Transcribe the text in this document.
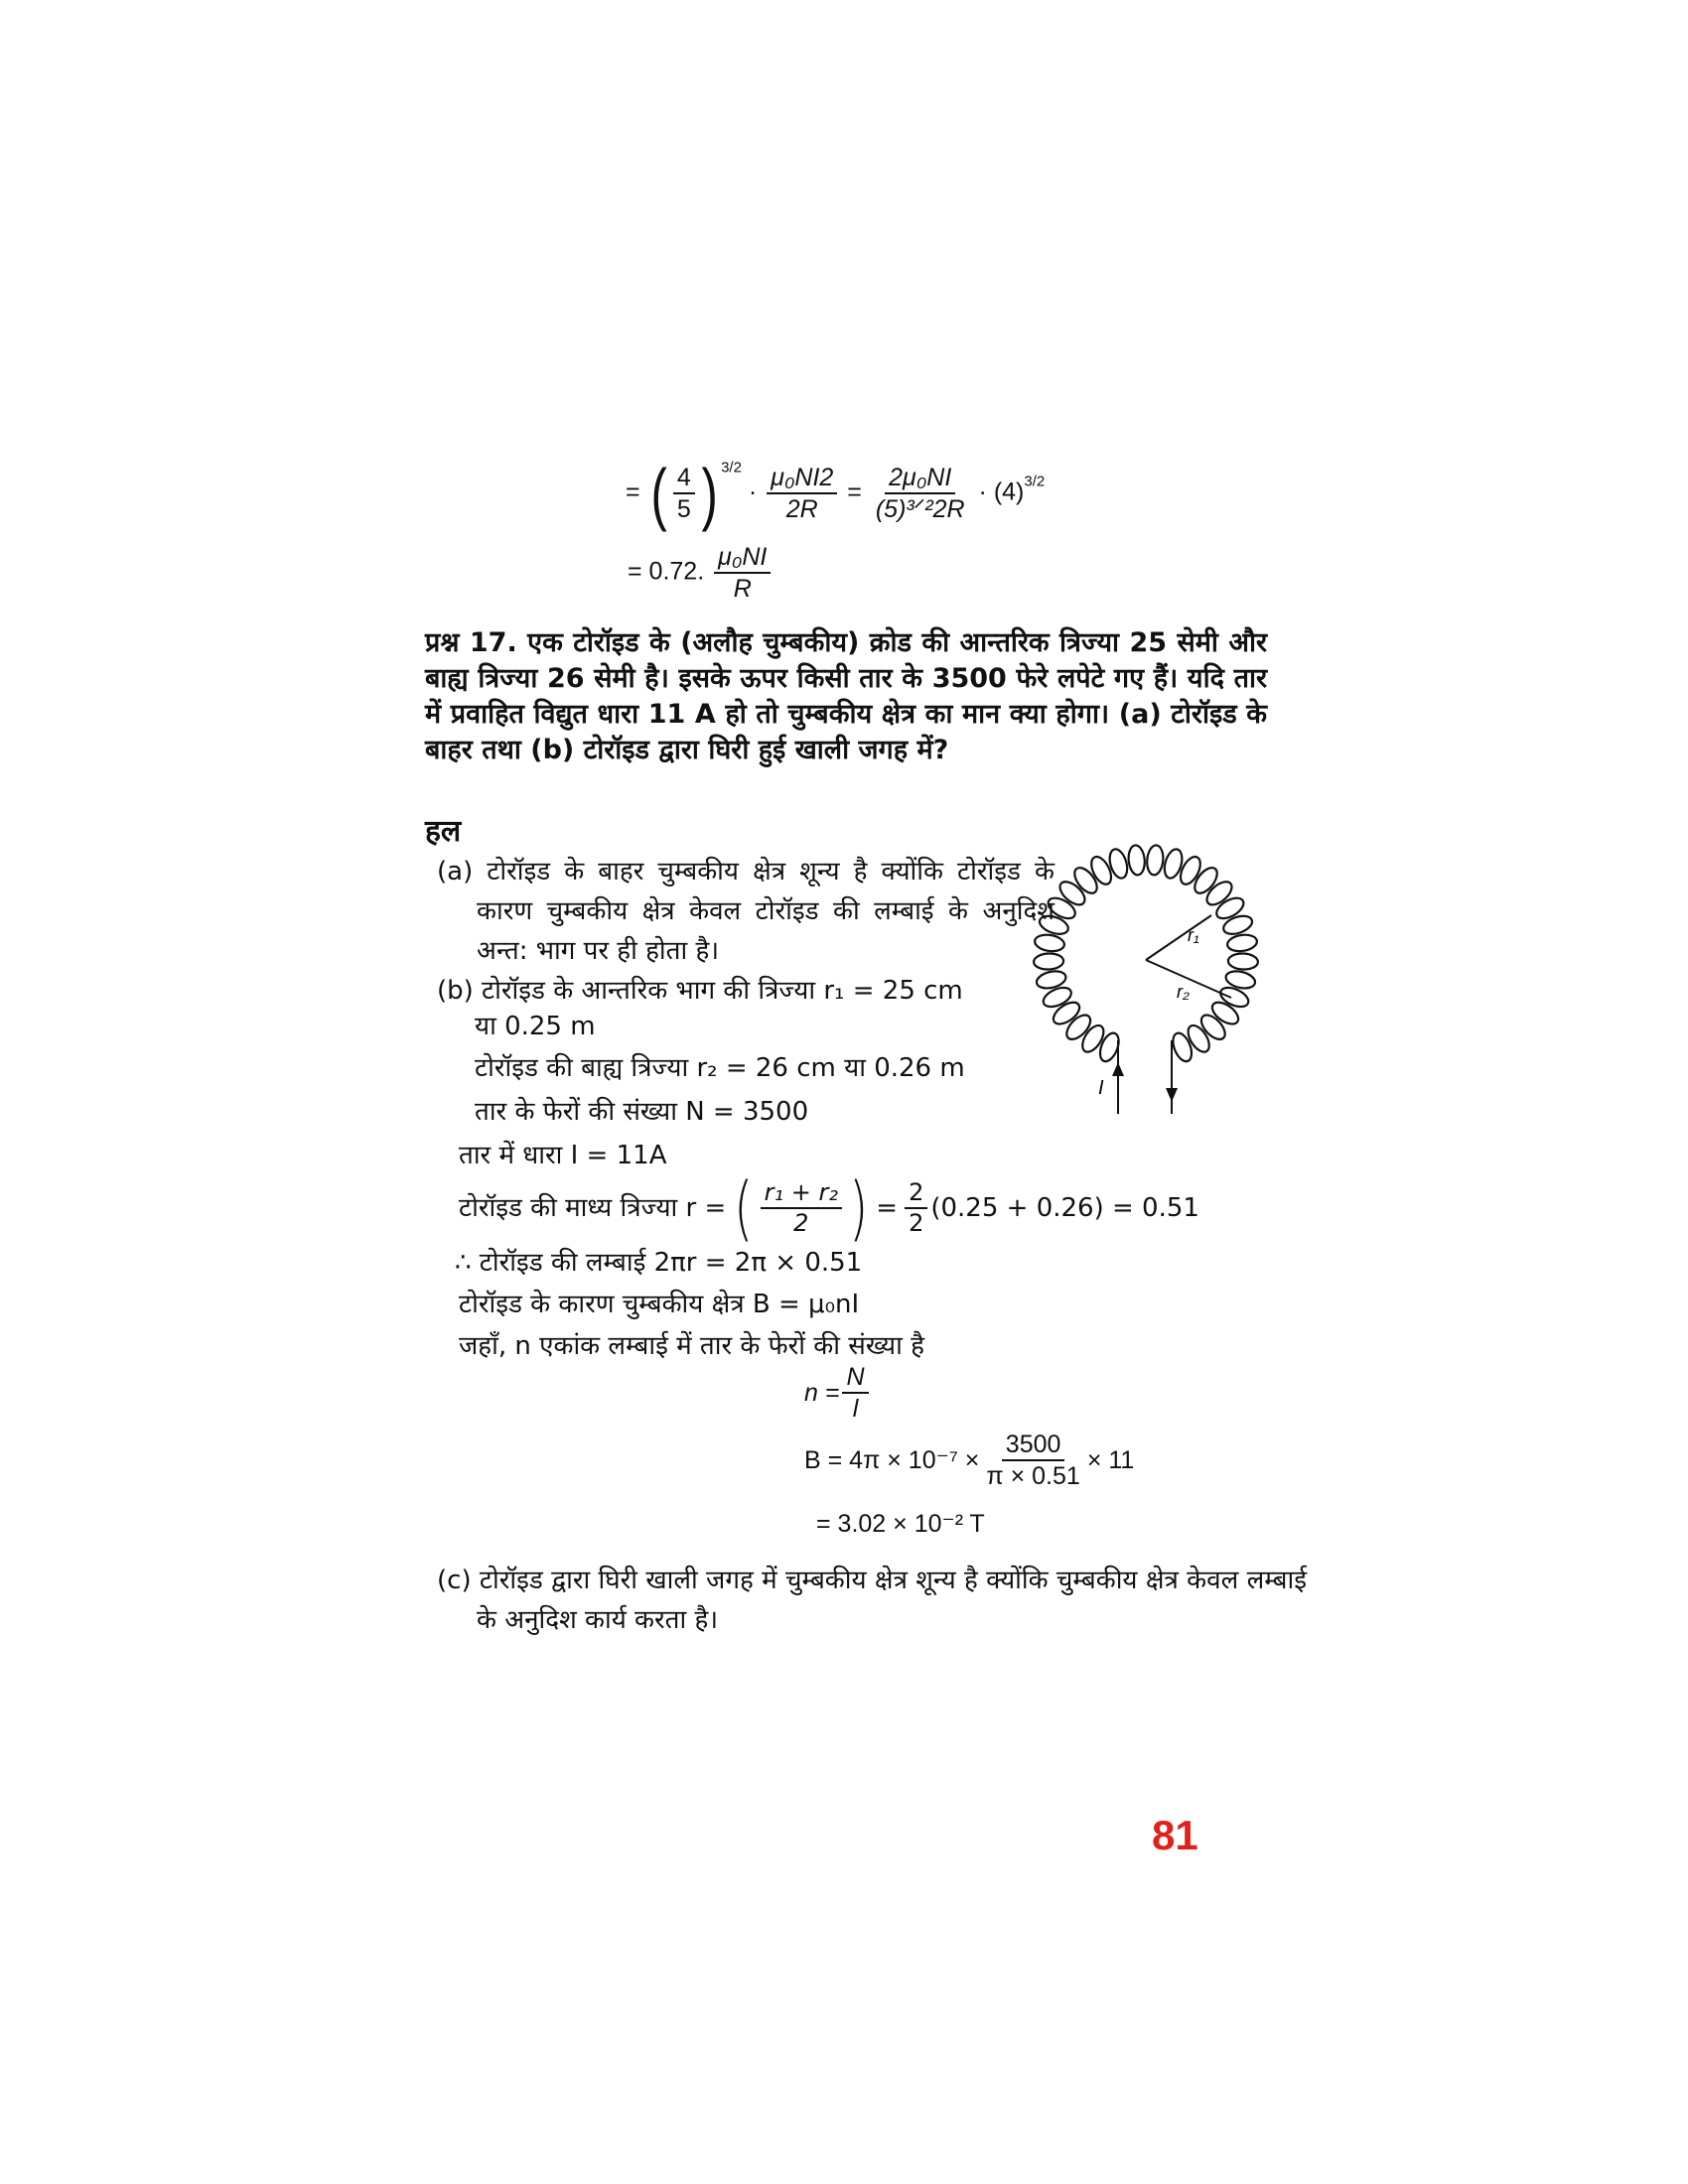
= ( $\frac{4}{5}$ ) $^{3/2} \cdot \frac{\text{μ₀NI2}}{2R} = \frac{\text{2μ₀NI}}{\text{(5)³ᐟ²2R}} \cdot (4)^{3/2}$
= 0.72. $\frac{\text{μ₀NI}}{R}$
प्रश्न 17. एक टोरॉइड के (अलौह चुम्बकीय) क्रोड की आन्तरिक त्रिज्या 25 सेमी और बाह्य त्रिज्या 26 सेमी है। इसके ऊपर किसी तार के 3500 फेरे लपेटे गए हैं। यदि तार में प्रवाहित विद्युत धारा 11 A हो तो चुम्बकीय क्षेत्र का मान क्या होगा। (a) टोरॉइड के बाहर तथा (b) टोरॉइड द्वारा घिरी हुई खाली जगह में?
हल
(a) टोरॉइड के बाहर चुम्बकीय क्षेत्र शून्य है क्योंकि टोरॉइड के कारण चुम्बकीय क्षेत्र केवल टोरॉइड की लम्बाई के अनुदिश अन्त: भाग पर ही होता है।
(b) टोरॉइड के आन्तरिक भाग की त्रिज्या r₁ = 25 cm
या 0.25 m
टोरॉइड की बाह्य त्रिज्या r₂ = 26 cm या 0.26 m
तार के फेरों की संख्या N = 3500
तार में धारा I = 11A
टोरॉइड की माध्य त्रिज्या r = ( $\frac{\text{r₁ + r₂}}{2}$ ) = $\frac{2}{2} (0.25 + 0.26) = 0.51$
∴ टोरॉइड की लम्बाई 2πr = 2π × 0.51
टोरॉइड के कारण चुम्बकीय क्षेत्र B = μ₀nI
जहाँ, n एकांक लम्बाई में तार के फेरों की संख्या है
$n = \frac{N}{l}$
$B = 4\pi \times 10^{-7} \times \frac{3500}{\pi \times 0.51} \times 11$
= 3.02 × 10⁻² T
(c) टोरॉइड द्वारा घिरी खाली जगह में चुम्बकीय क्षेत्र शून्य है क्योंकि चुम्बकीय क्षेत्र केवल लम्बाई के अनुदिश कार्य करता है।
r₁
r₂
I
81
